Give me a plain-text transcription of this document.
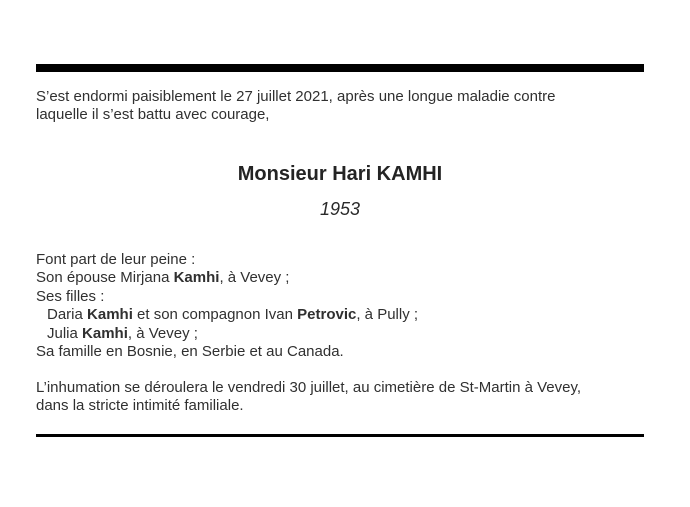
S’est endormi paisiblement le 27 juillet 2021, après une longue maladie contre
laquelle il s’est battu avec courage,
Monsieur Hari KAMHI
1953
Font part de leur peine :
Son épouse Mirjana Kamhi, à Vevey ;
Ses filles :
Daria Kamhi et son compagnon Ivan Petrovic, à Pully ;
Julia Kamhi, à Vevey ;
Sa famille en Bosnie, en Serbie et au Canada.
L’inhumation se déroulera le vendredi 30 juillet, au cimetière de St-Martin à Vevey,
dans la stricte intimité familiale.
